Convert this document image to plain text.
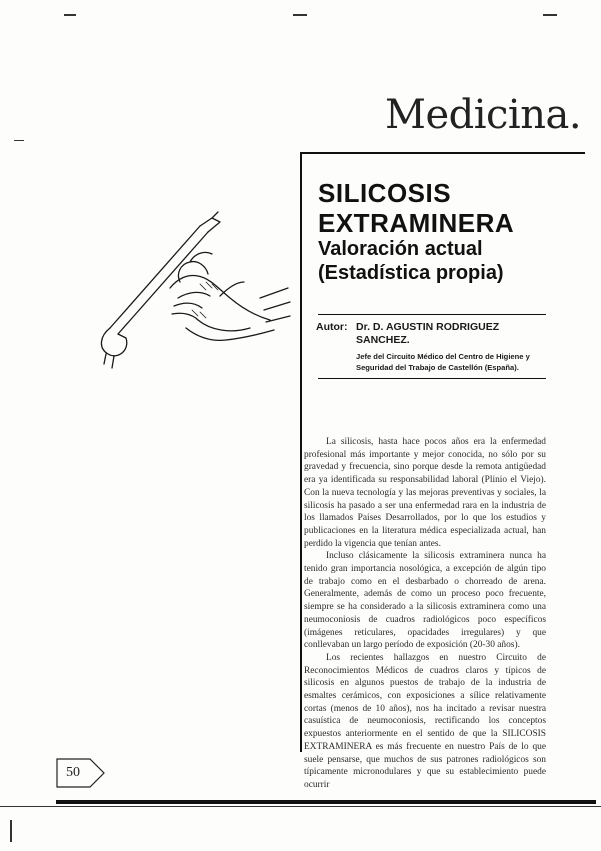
Medicina.
SILICOSIS
EXTRAMINERA
Valoración actual
(Estadística propia)
Autor: Dr. D. AGUSTIN RODRIGUEZ SANCHEZ.
Jefe del Circuito Médico del Centro de Higiene y Seguridad del Trabajo de Castellón (España).

La silicosis, hasta hace pocos años era la enfermedad profesional más importante y mejor conocida, no sólo por su gravedad y frecuencia, sino porque desde la remota antigüedad era ya identificada su responsabilidad laboral (Plinio el Viejo). Con la nueva tecnología y las mejoras preventivas y sociales, la silicosis ha pasado a ser una enfermedad rara en la industria de los llamados Países Desarrollados, por lo que los estudios y publicaciones en la literatura médica especializada actual, han perdido la vigencia que tenían antes.

Incluso clásicamente la silicosis extraminera nunca ha tenido gran importancia nosológica, a excepción de algún tipo de trabajo como en el desbarbado o chorreado de arena. Generalmente, además de como un proceso poco frecuente, siempre se ha considerado a la silicosis extraminera como una neumoconiosis de cuadros radiológicos poco específicos (imágenes reticulares, opacidades irregulares) y que conllevaban un largo período de exposición (20-30 años).

Los recientes hallazgos en nuestro Circuito de Reconocimientos Médicos de cuadros claros y típicos de silicosis en algunos puestos de trabajo de la industria de esmaltes cerámicos, con exposiciones a sílice relativamente cortas (menos de 10 años), nos ha incitado a revisar nuestra casuística de neumoconiosis, rectificando los conceptos expuestos anteriormente en el sentido de que la SILICOSIS EXTRAMINERA es más frecuente en nuestro País de lo que suele pensarse, que muchos de sus patrones radiológicos son típicamente micronodulares y que su establecimiento puede ocurrir

50
